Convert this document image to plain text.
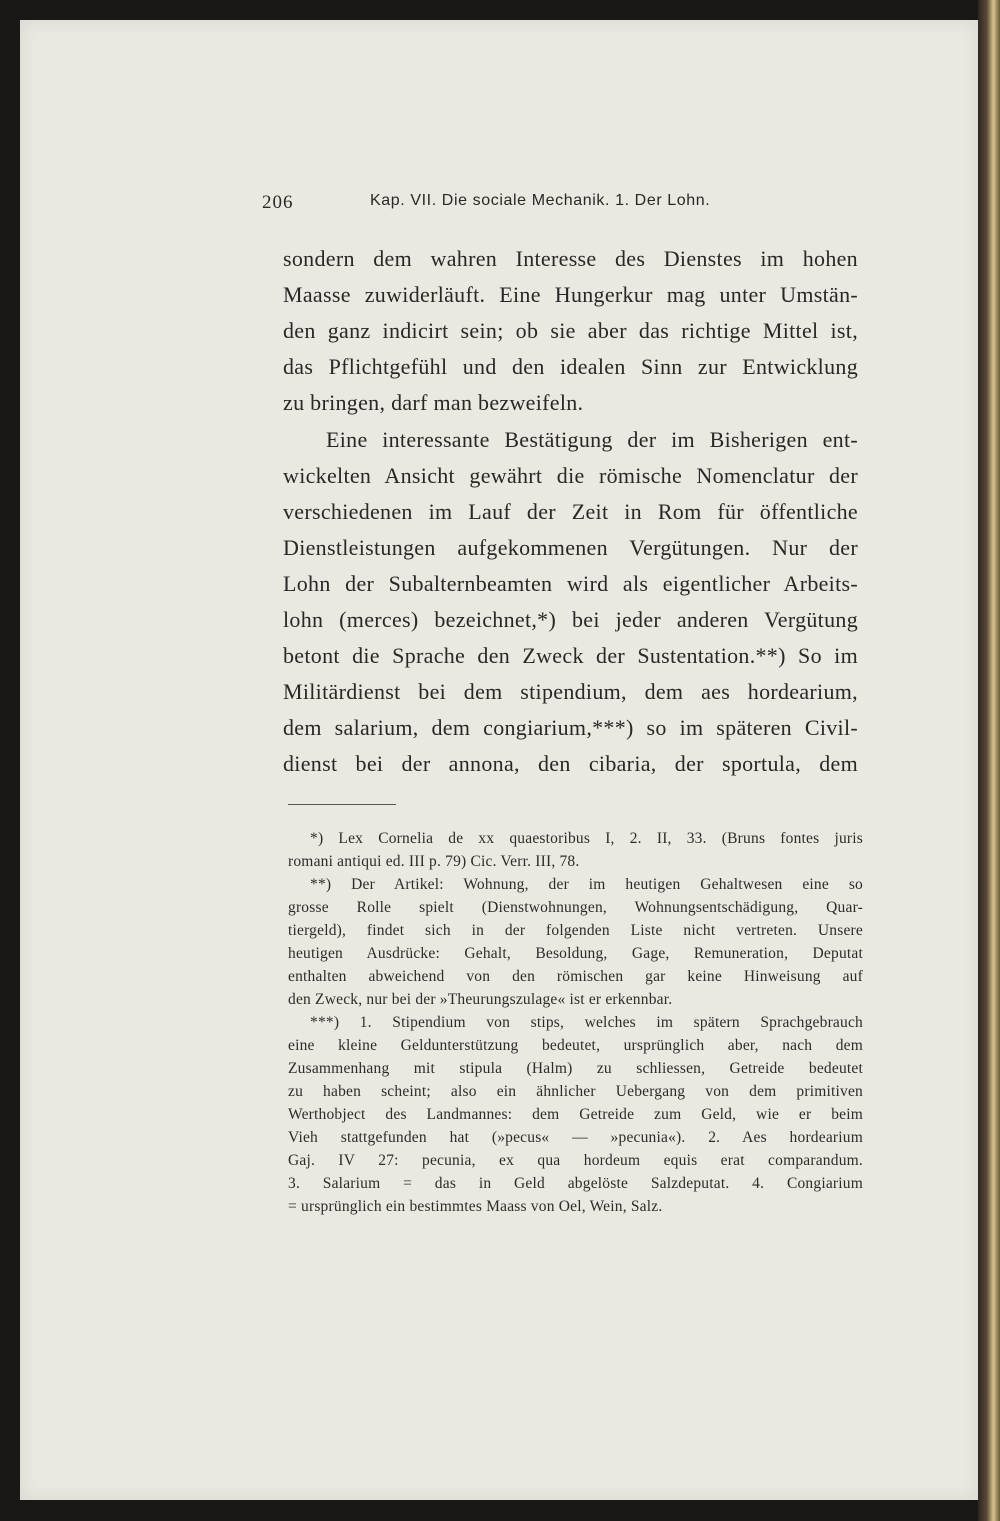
206	Kap. VII. Die sociale Mechanik. 1. Der Lohn.
sondern dem wahren Interesse des Dienstes im hohen
Maasse zuwiderläuft. Eine Hungerkur mag unter Umstän-
den ganz indicirt sein; ob sie aber das richtige Mittel ist,
das Pflichtgefühl und den idealen Sinn zur Entwicklung
zu bringen, darf man bezweifeln.
Eine interessante Bestätigung der im Bisherigen ent-
wickelten Ansicht gewährt die römische Nomenclatur der
verschiedenen im Lauf der Zeit in Rom für öffentliche
Dienstleistungen aufgekommenen Vergütungen. Nur der
Lohn der Subalternbeamten wird als eigentlicher Arbeits-
lohn (merces) bezeichnet,*) bei jeder anderen Vergütung
betont die Sprache den Zweck der Sustentation.**) So im
Militärdienst bei dem stipendium, dem aes hordearium,
dem salarium, dem congiarium,***) so im späteren Civil-
dienst bei der annona, den cibaria, der sportula, dem
*) Lex Cornelia de xx quaestoribus I, 2. II, 33. (Bruns fontes juris
romani antiqui ed. III p. 79) Cic. Verr. III, 78.
**) Der Artikel: Wohnung, der im heutigen Gehaltwesen eine so
grosse Rolle spielt (Dienstwohnungen, Wohnungsentschädigung, Quar-
tiergeld), findet sich in der folgenden Liste nicht vertreten. Unsere
heutigen Ausdrücke: Gehalt, Besoldung, Gage, Remuneration, Deputat
enthalten abweichend von den römischen gar keine Hinweisung auf
den Zweck, nur bei der »Theurungszulage« ist er erkennbar.
***) 1. Stipendium von stips, welches im spätern Sprachgebrauch
eine kleine Geldunterstützung bedeutet, ursprünglich aber, nach dem
Zusammenhang mit stipula (Halm) zu schliessen, Getreide bedeutet
zu haben scheint; also ein ähnlicher Uebergang von dem primitiven
Werthobject des Landmannes: dem Getreide zum Geld, wie er beim
Vieh stattgefunden hat (»pecus« — »pecunia«). 2. Aes hordearium
Gaj. IV 27: pecunia, ex qua hordeum equis erat comparandum.
3. Salarium = das in Geld abgelöste Salzdeputat. 4. Congiarium
= ursprünglich ein bestimmtes Maass von Oel, Wein, Salz.
